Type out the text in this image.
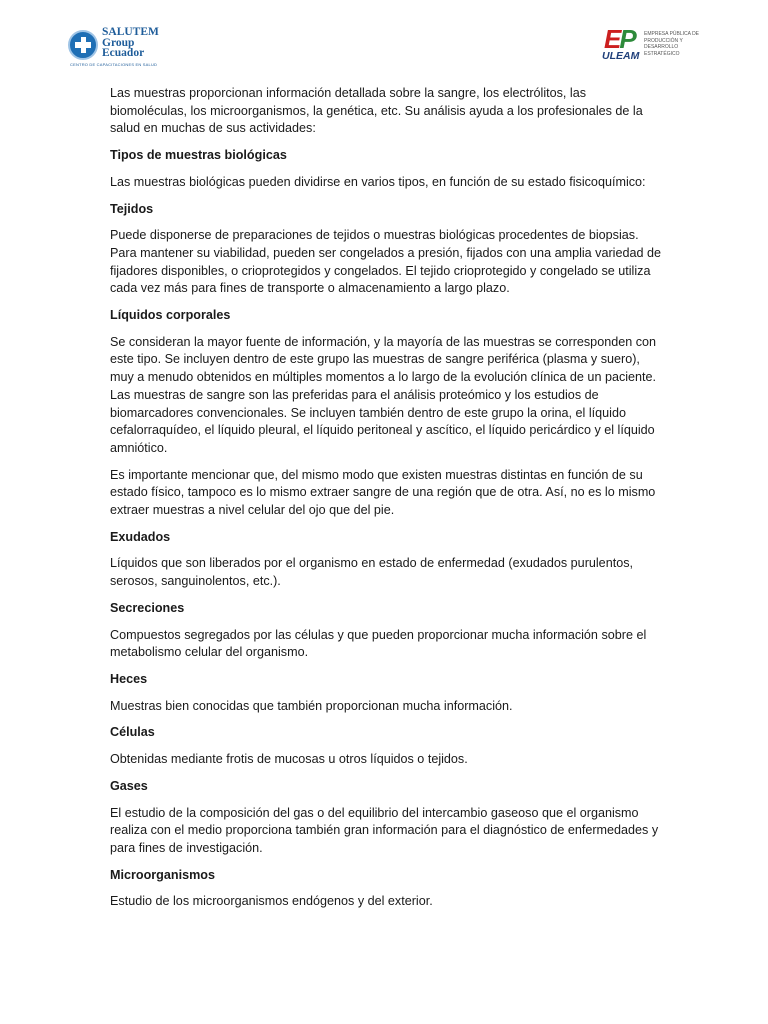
SALUTEM
Group
Ecuador
CENTRO DE CAPACITACIONES EN SALUD
EP
ULEAM
EMPRESA PÚBLICA DE PRODUCCIÓN Y DESARROLLO ESTRATÉGICO

Las muestras proporcionan información detallada sobre la sangre, los electrólitos, las biomoléculas, los microorganismos, la genética, etc. Su análisis ayuda a los profesionales de la salud en muchas de sus actividades:

Tipos de muestras biológicas

Las muestras biológicas pueden dividirse en varios tipos, en función de su estado fisicoquímico:

Tejidos

Puede disponerse de preparaciones de tejidos o muestras biológicas procedentes de biopsias. Para mantener su viabilidad, pueden ser congelados a presión, fijados con una amplia variedad de fijadores disponibles, o crioprotegidos y congelados. El tejido crioprotegido y congelado se utiliza cada vez más para fines de transporte o almacenamiento a largo plazo.

Líquidos corporales

Se consideran la mayor fuente de información, y la mayoría de las muestras se corresponden con este tipo. Se incluyen dentro de este grupo las muestras de sangre periférica (plasma y suero), muy a menudo obtenidos en múltiples momentos a lo largo de la evolución clínica de un paciente. Las muestras de sangre son las preferidas para el análisis proteómico y los estudios de biomarcadores convencionales. Se incluyen también dentro de este grupo la orina, el líquido cefalorraquídeo, el líquido pleural, el líquido peritoneal y ascítico, el líquido pericárdico y el líquido amniótico.

Es importante mencionar que, del mismo modo que existen muestras distintas en función de su estado físico, tampoco es lo mismo extraer sangre de una región que de otra. Así, no es lo mismo extraer muestras a nivel celular del ojo que del pie.

Exudados

Líquidos que son liberados por el organismo en estado de enfermedad (exudados purulentos, serosos, sanguinolentos, etc.).

Secreciones

Compuestos segregados por las células y que pueden proporcionar mucha información sobre el metabolismo celular del organismo.

Heces

Muestras bien conocidas que también proporcionan mucha información.

Células

Obtenidas mediante frotis de mucosas u otros líquidos o tejidos.

Gases

El estudio de la composición del gas o del equilibrio del intercambio gaseoso que el organismo realiza con el medio proporciona también gran información para el diagnóstico de enfermedades y para fines de investigación.

Microorganismos

Estudio de los microorganismos endógenos y del exterior.
